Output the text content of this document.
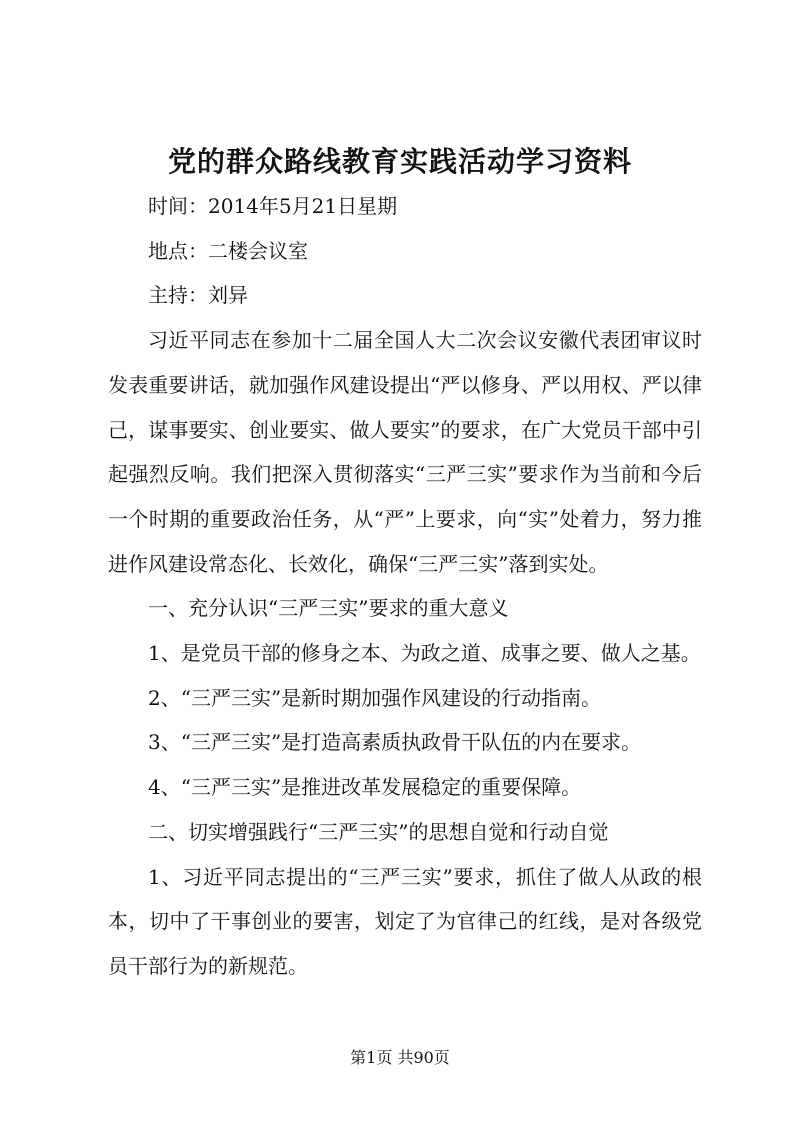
党的群众路线教育实践活动学习资料

时间：2014年5月21日星期

地点：二楼会议室

主持：刘异

习近平同志在参加十二届全国人大二次会议安徽代表团审议时发表重要讲话，就加强作风建设提出“严以修身、严以用权、严以律己，谋事要实、创业要实、做人要实”的要求，在广大党员干部中引起强烈反响。我们把深入贯彻落实“三严三实”要求作为当前和今后一个时期的重要政治任务，从“严”上要求，向“实”处着力，努力推进作风建设常态化、长效化，确保“三严三实”落到实处。

一、充分认识“三严三实”要求的重大意义

1、是党员干部的修身之本、为政之道、成事之要、做人之基。

2、“三严三实”是新时期加强作风建设的行动指南。

3、“三严三实”是打造高素质执政骨干队伍的内在要求。

4、“三严三实”是推进改革发展稳定的重要保障。

二、切实增强践行“三严三实”的思想自觉和行动自觉

1、习近平同志提出的“三严三实”要求，抓住了做人从政的根本，切中了干事创业的要害，划定了为官律己的红线，是对各级党员干部行为的新规范。

第1页 共90页
